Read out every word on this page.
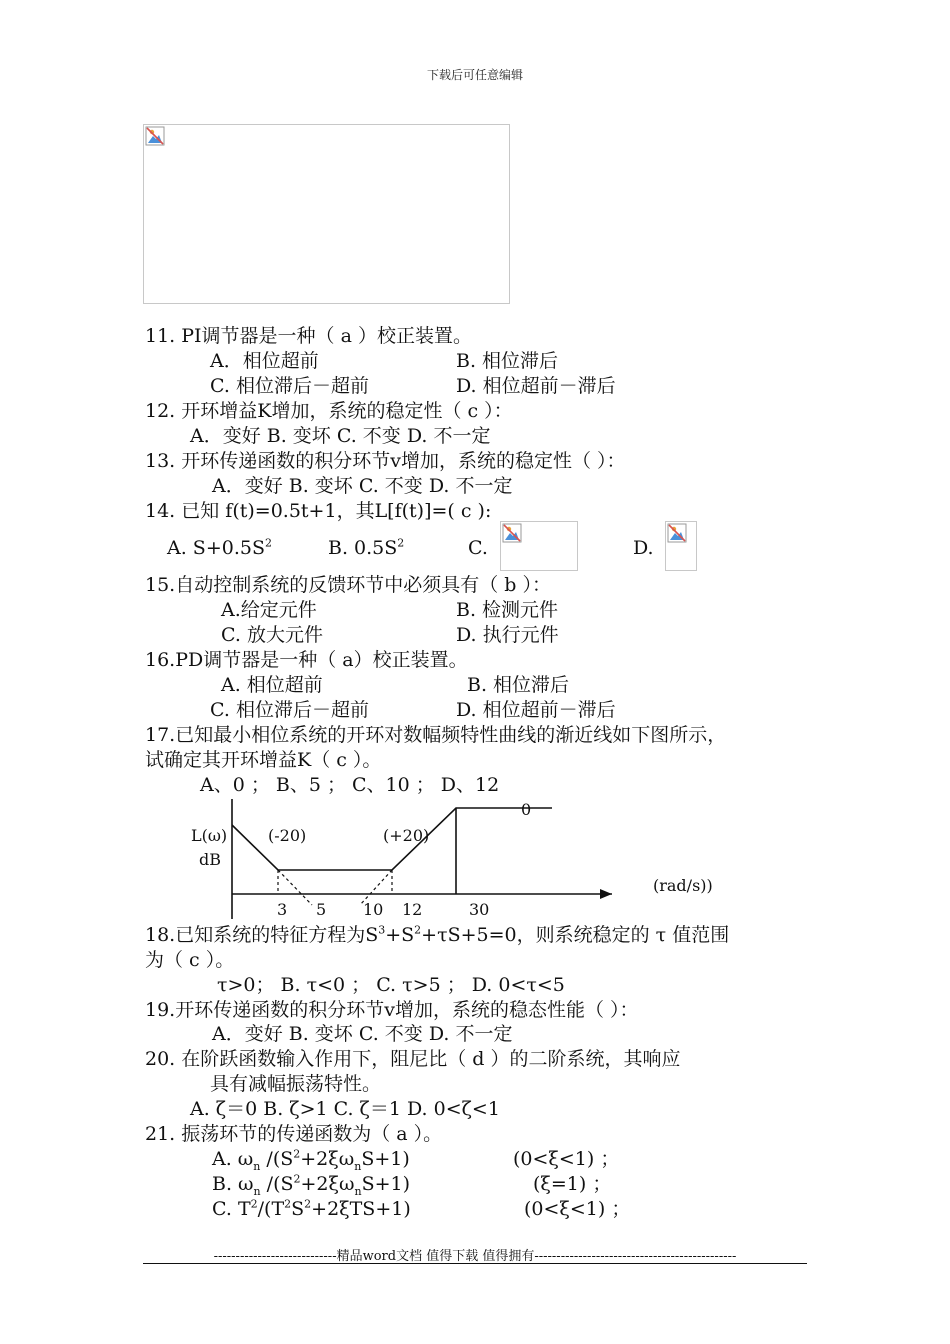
下载后可任意编辑
11. PI调节器是一种（ a ）校正装置。
A．相位超前	B. 相位滞后
C. 相位滞后－超前	D. 相位超前－滞后
12. 开环增益K增加，系统的稳定性（ c ）：
A．变好 B. 变坏 C. 不变 D. 不一定
13. 开环传递函数的积分环节v增加，系统的稳定性（ ）：
A．变好 B. 变坏 C. 不变 D. 不一定
14. 已知 f(t)=0.5t+1，其L[f(t)]=( c ):
A. $S+0.5S^2$	B. $0.5S^2$	C.	D.
15.自动控制系统的反馈环节中必须具有（ b ）：
A.给定元件	B. 检测元件
C. 放大元件	D. 执行元件
16.PD调节器是一种（ a）校正装置。
A. 相位超前	B. 相位滞后
C. 相位滞后－超前	D. 相位超前－滞后
17.已知最小相位系统的开环对数幅频特性曲线的渐近线如下图所示，
试确定其开环增益K（ c ）。
A、0 ； B、5 ； C、10 ； D、12
L(ω)
dB
(-20)	(+20)
0
(rad/s))
3 5 10 12	30
18.已知系统的特征方程为$S^3+S^2+\tau S+5=0$，则系统稳定的 τ 值范围
为（ c ）。
τ>0； B. τ<0 ； C. τ>5 ； D. 0<τ<5
19.开环传递函数的积分环节v增加，系统的稳态性能（ ）：
A．变好 B. 变坏 C. 不变 D. 不一定
20. 在阶跃函数输入作用下，阻尼比（ d ）的二阶系统，其响应
具有减幅振荡特性。
A. ζ＝0 B. ζ>1 C. ζ＝1 D. 0<ζ<1
21. 振荡环节的传递函数为（ a ）。
A. $\omega_n$ $/(S^2+2\xi\omega_nS+1)$	(0<ξ<1) ；
B. $\omega_n$ $/(S^2+2\xi\omega_nS+1)$	(ξ=1) ；
C. $T^2/(T^2S^2+2\xi TS+1)$	(0<ξ<1) ；
----------------------------精品word文档 值得下载 值得拥有----------------------------------------------
